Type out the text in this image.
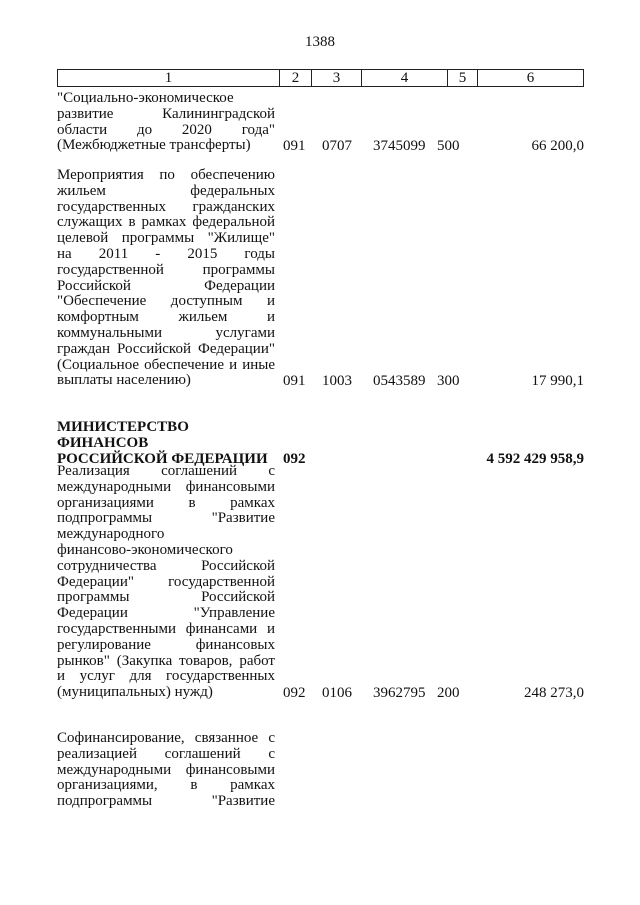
1388
1	2	3	4	5	6
"Социально-экономическое
развитие Калининградской
области до 2020 года"
(Межбюджетные трансферты)	091 0707 3745099 500	66 200,0
Мероприятия по обеспечению
жильем федеральных
государственных гражданских
служащих в рамках федеральной
целевой программы "Жилище"
на 2011 - 2015 годы
государственной программы
Российской Федерации
"Обеспечение доступным и
комфортным жильем и
коммунальными услугами
граждан Российской Федерации"
(Социальное обеспечение и иные
выплаты населению)	091 1003 0543589 300	17 990,1
МИНИСТЕРСТВО ФИНАНСОВ
РОССИЙСКОЙ ФЕДЕРАЦИИ	092	4 592 429 958,9
Реализация соглашений с
международными финансовыми
организациями в рамках
подпрограммы "Развитие
международного
финансово-экономического
сотрудничества Российской
Федерации" государственной
программы Российской
Федерации "Управление
государственными финансами и
регулирование финансовых
рынков" (Закупка товаров, работ
и услуг для государственных
(муниципальных) нужд)	092 0106 3962795 200	248 273,0
Софинансирование, связанное с
реализацией соглашений с
международными финансовыми
организациями, в рамках
подпрограммы "Развитие
